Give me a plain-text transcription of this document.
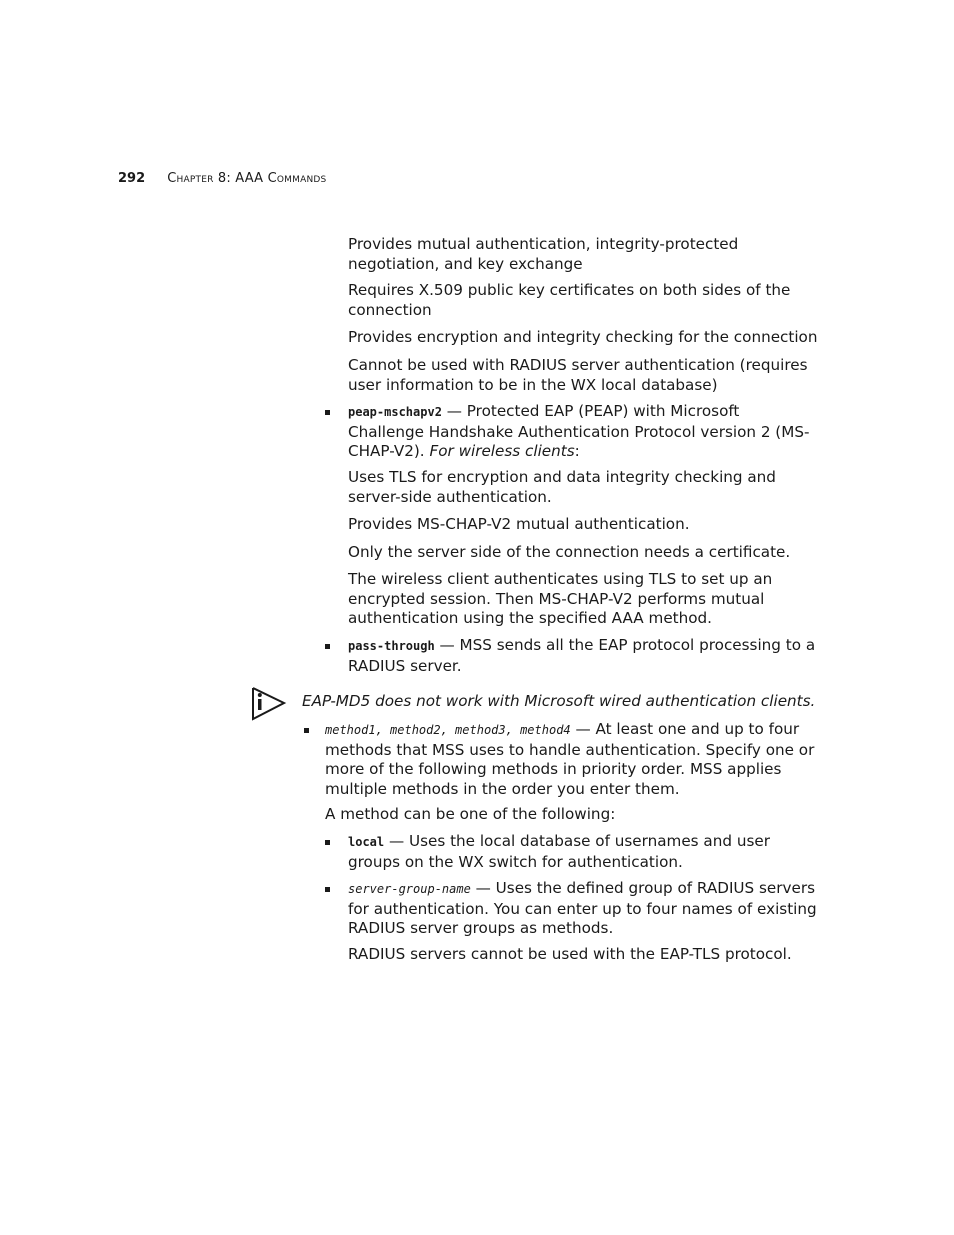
292 Chapter 8: AAA Commands

Provides mutual authentication, integrity-protected negotiation, and key exchange

Requires X.509 public key certificates on both sides of the connection

Provides encryption and integrity checking for the connection

Cannot be used with RADIUS server authentication (requires user information to be in the WX local database)

peap-mschapv2 — Protected EAP (PEAP) with Microsoft Challenge Handshake Authentication Protocol version 2 (MS-CHAP-V2). For wireless clients:

Uses TLS for encryption and data integrity checking and server-side authentication.

Provides MS-CHAP-V2 mutual authentication.

Only the server side of the connection needs a certificate.

The wireless client authenticates using TLS to set up an encrypted session. Then MS-CHAP-V2 performs mutual authentication using the specified AAA method.

pass-through — MSS sends all the EAP protocol processing to a RADIUS server.

EAP-MD5 does not work with Microsoft wired authentication clients.

method1, method2, method3, method4 — At least one and up to four methods that MSS uses to handle authentication. Specify one or more of the following methods in priority order. MSS applies multiple methods in the order you enter them.

A method can be one of the following:

local — Uses the local database of usernames and user groups on the WX switch for authentication.

server-group-name — Uses the defined group of RADIUS servers for authentication. You can enter up to four names of existing RADIUS server groups as methods.

RADIUS servers cannot be used with the EAP-TLS protocol.
